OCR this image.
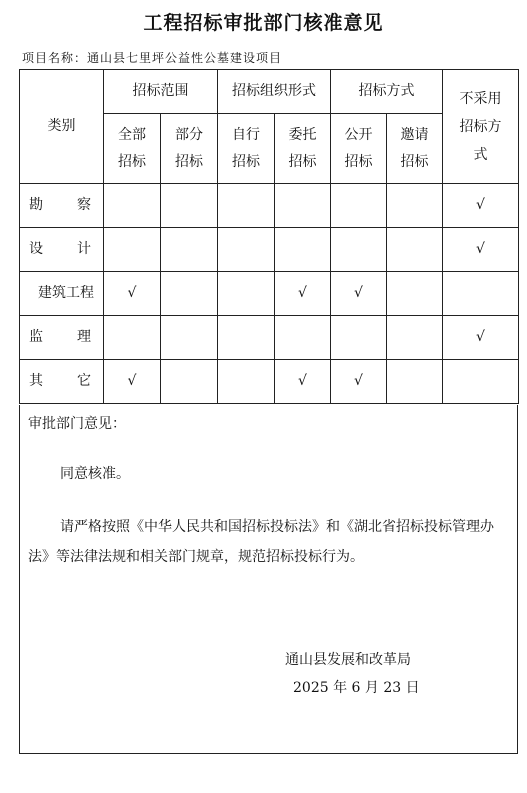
工程招标审批部门核准意见
项目名称：通山县七里坪公益性公墓建设项目
类别	招标范围		招标组织形式		招标方式		不采用招标方式
	全部招标	部分招标	自行招标	委托招标	公开招标	邀请招标	

勘 察							√

设 计							√
建筑工程	√			√	√		

监 理							√

其 它	√			√	√		
审批部门意见：
同意核准。
请严格按照《中华人民共和国招标投标法》和《湖北省招标投标管理办法》等法律法规和相关部门规章，规范招标投标行为。
通山县发展和改革局
2025 年 6 月 23 日
